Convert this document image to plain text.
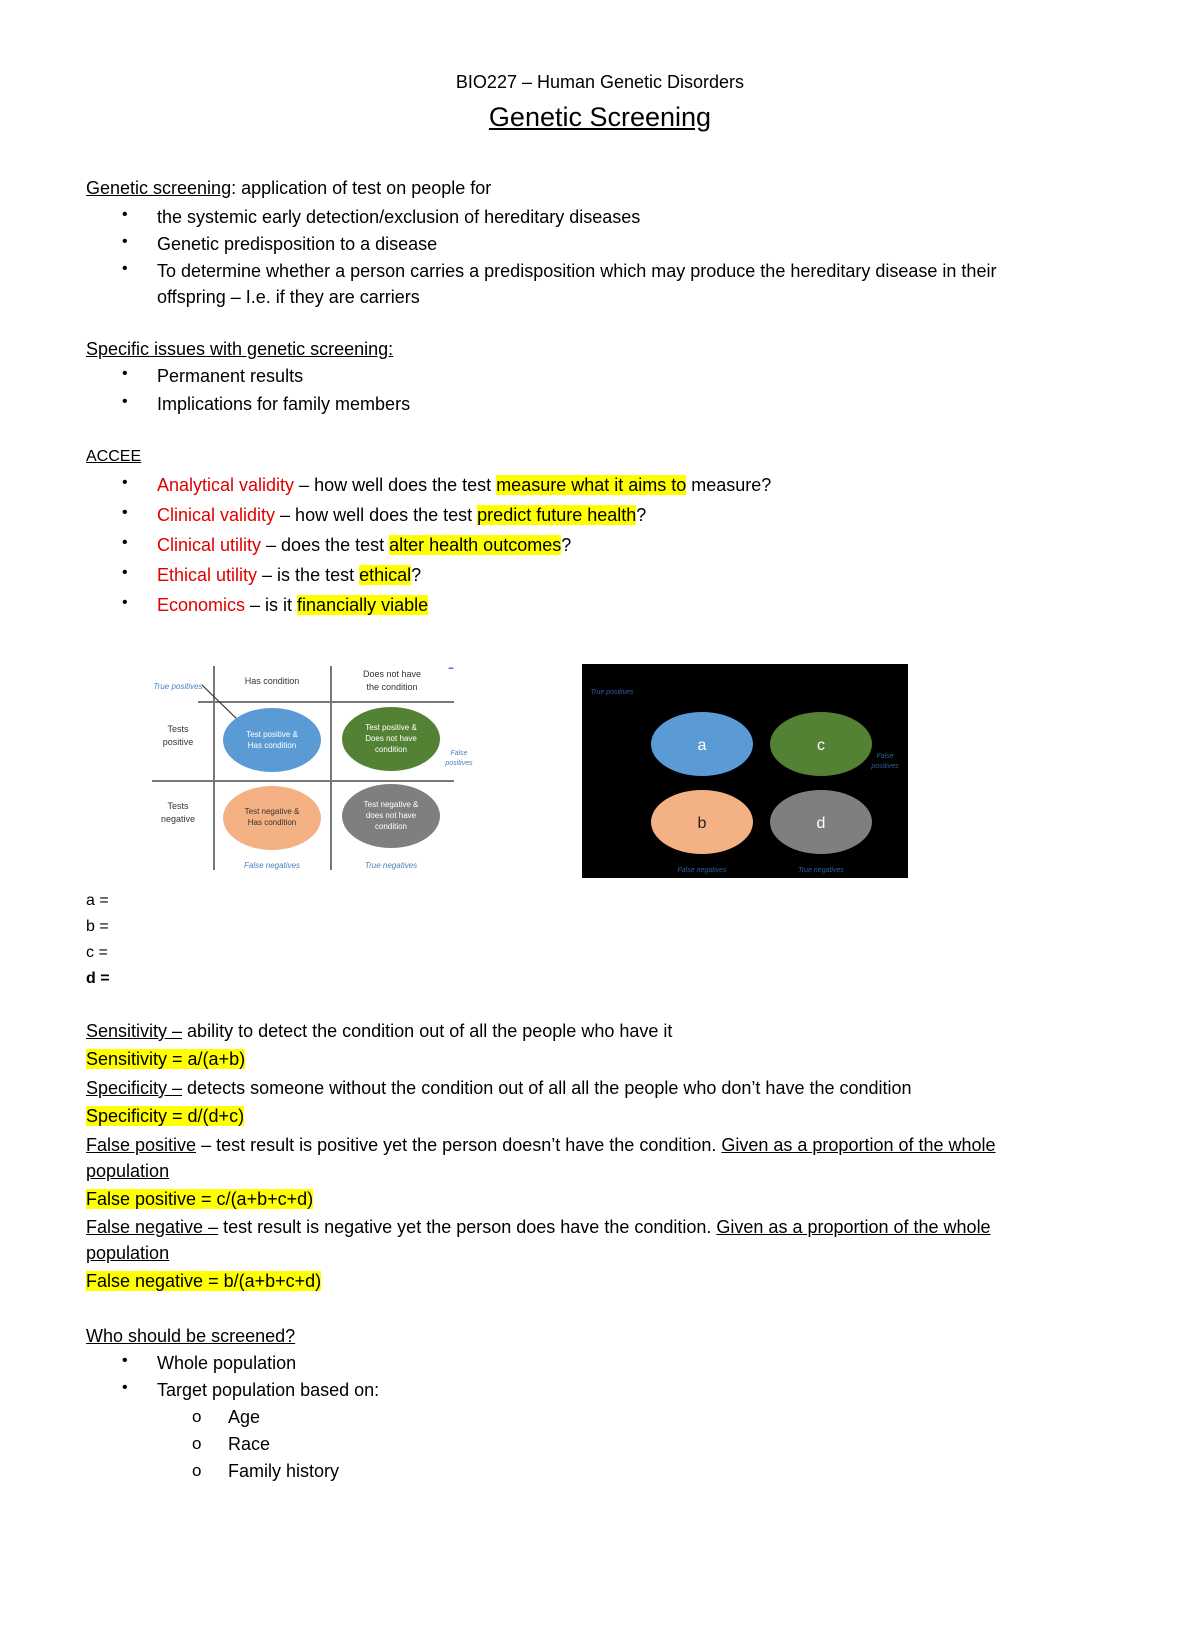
BIO227 – Human Genetic Disorders
Genetic Screening
Genetic screening: application of test on people for
• the systemic early detection/exclusion of hereditary diseases
• Genetic predisposition to a disease
• To determine whether a person carries a predisposition which may produce the hereditary disease in their
offspring – I.e. if they are carriers
Specific issues with genetic screening:
• Permanent results
• Implications for family members
ACCEE
• Analytical validity – how well does the test measure what it aims to measure?
• Clinical validity – how well does the test predict future health?
• Clinical utility – does the test alter health outcomes?
• Ethical utility – is the test ethical?
• Economics – is it financially viable
Has condition
Does not have
the condition
True positives
▬
Tests
positive
Tests
negative
Test positive &
Has condition
Test positive &
Does not have
condition	False
positives
Test negative &
Has condition
Test negative &
does not have
condition
False negatives	True negatives
True positives
a	c
False
positives
b	d
False negatives	True negatives
a =
b =
c =
d =
Sensitivity – ability to detect the condition out of all the people who have it
Sensitivity = a/(a+b)
Specificity – detects someone without the condition out of all all the people who don’t have the condition
Specificity = d/(d+c)
False positive – test result is positive yet the person doesn’t have the condition. Given as a proportion of the whole
population
False positive = c/(a+b+c+d)
False negative – test result is negative yet the person does have the condition. Given as a proportion of the whole
population
False negative = b/(a+b+c+d)
Who should be screened?
• Whole population
• Target population based on:
o Age
o Race
o Family history
